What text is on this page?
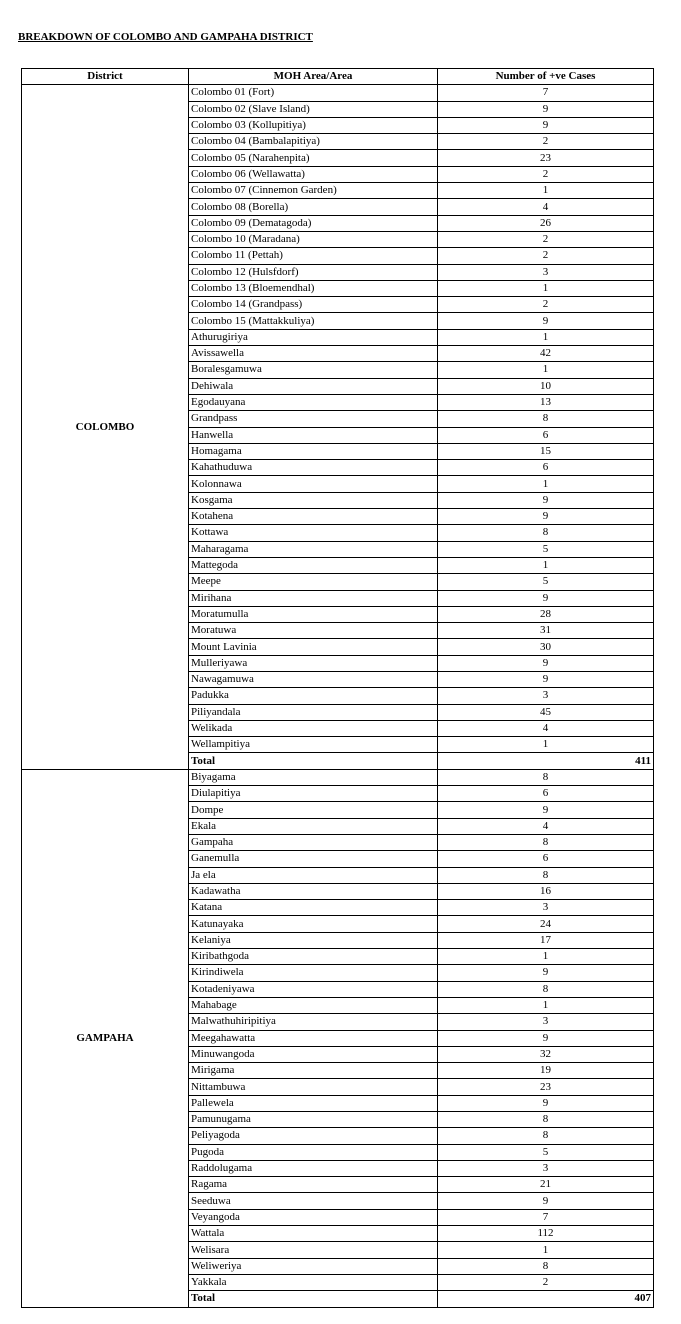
BREAKDOWN OF COLOMBO AND GAMPAHA DISTRICT
District	MOH Area/Area	Number of +ve Cases
COLOMBO	Colombo 01 (Fort)	7
	Colombo 02 (Slave Island)	9
	Colombo 03 (Kollupitiya)	9
	Colombo 04 (Bambalapitiya)	2
	Colombo 05 (Narahenpita)	23
	Colombo 06 (Wellawatta)	2
	Colombo 07 (Cinnemon Garden)	1
	Colombo 08 (Borella)	4
	Colombo 09 (Dematagoda)	26
	Colombo 10 (Maradana)	2
	Colombo 11 (Pettah)	2
	Colombo 12 (Hulsfdorf)	3
	Colombo 13 (Bloemendhal)	1
	Colombo 14 (Grandpass)	2
	Colombo 15 (Mattakkuliya)	9
	Athurugiriya	1
	Avissawella	42
	Boralesgamuwa	1
	Dehiwala	10
	Egodauyana	13
	Grandpass	8
	Hanwella	6
	Homagama	15
	Kahathuduwa	6
	Kolonnawa	1
	Kosgama	9
	Kotahena	9
	Kottawa	8
	Maharagama	5
	Mattegoda	1
	Meepe	5
	Mirihana	9
	Moratumulla	28
	Moratuwa	31
	Mount Lavinia	30
	Mulleriyawa	9
	Nawagamuwa	9
	Padukka	3
	Piliyandala	45
	Welikada	4
	Wellampitiya	1
	Total	411
GAMPAHA	Biyagama	8
	Diulapitiya	6
	Dompe	9
	Ekala	4
	Gampaha	8
	Ganemulla	6
	Ja ela	8
	Kadawatha	16
	Katana	3
	Katunayaka	24
	Kelaniya	17
	Kiribathgoda	1
	Kirindiwela	9
	Kotadeniyawa	8
	Mahabage	1
	Malwathuhiripitiya	3
	Meegahawatta	9
	Minuwangoda	32
	Mirigama	19
	Nittambuwa	23
	Pallewela	9
	Pamunugama	8
	Peliyagoda	8
	Pugoda	5
	Raddolugama	3
	Ragama	21
	Seeduwa	9
	Veyangoda	7
	Wattala	112
	Welisara	1
	Weliweriya	8
	Yakkala	2
	Total	407
